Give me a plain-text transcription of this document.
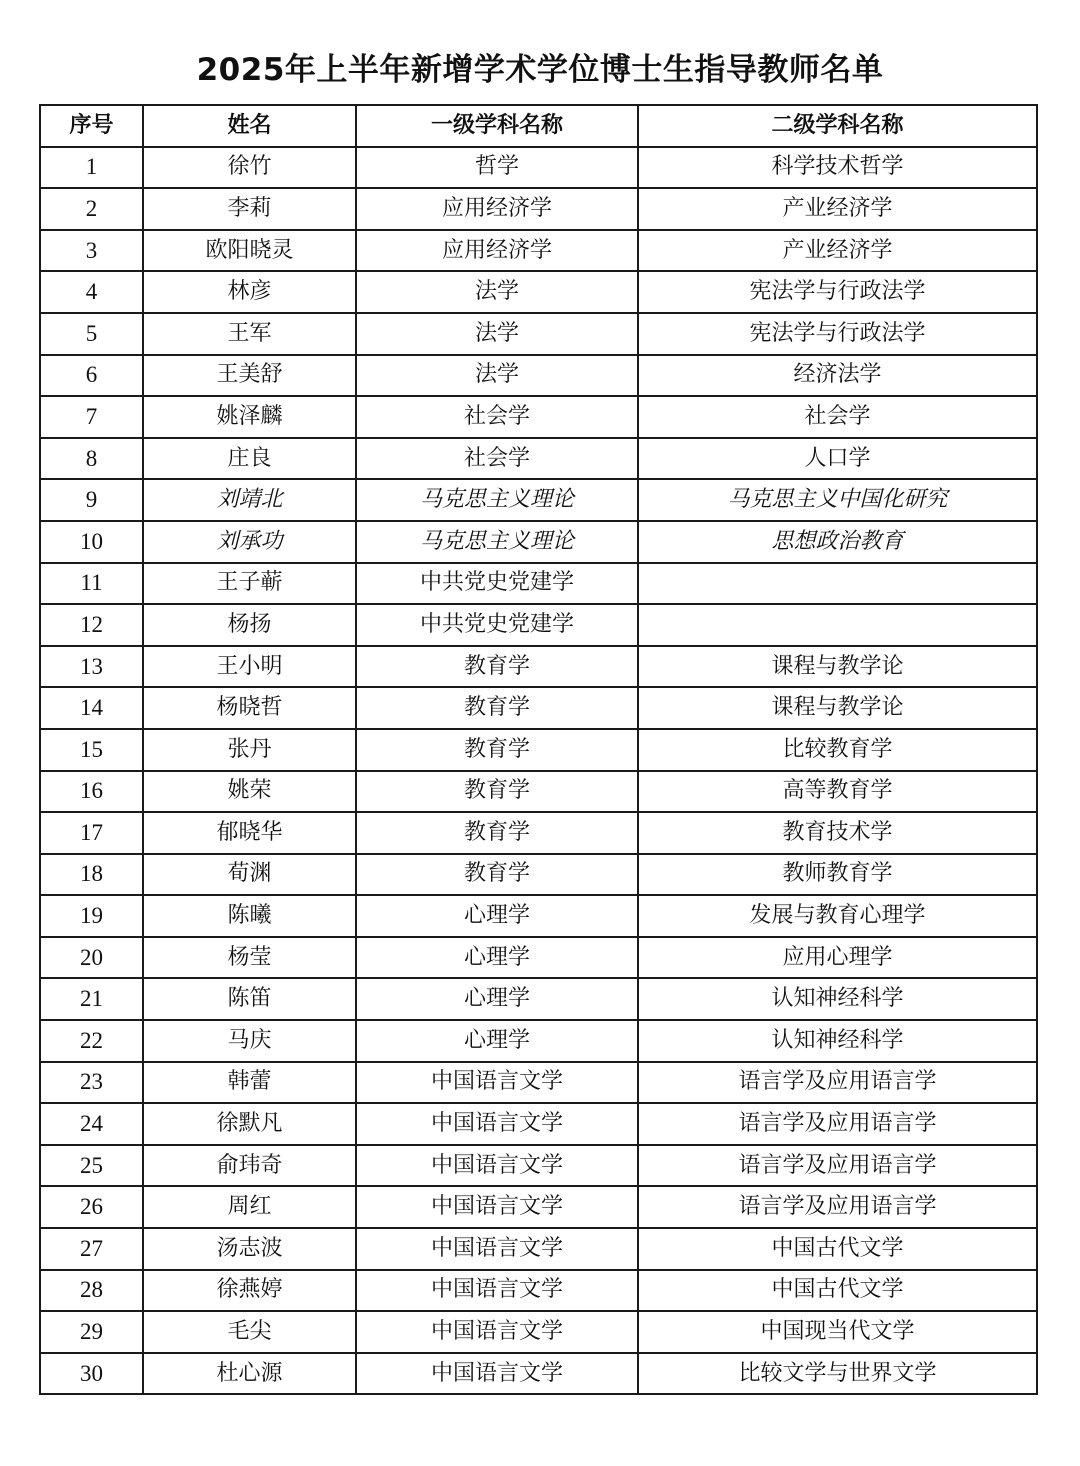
2025年上半年新增学术学位博士生指导教师名单
序号	姓名	一级学科名称	二级学科名称
1	徐竹	哲学	科学技术哲学
2	李莉	应用经济学	产业经济学
3	欧阳晓灵	应用经济学	产业经济学
4	林彦	法学	宪法学与行政法学
5	王军	法学	宪法学与行政法学
6	王美舒	法学	经济法学
7	姚泽麟	社会学	社会学
8	庄良	社会学	人口学
9	刘靖北	马克思主义理论	马克思主义中国化研究
10	刘承功	马克思主义理论	思想政治教育
11	王子蕲	中共党史党建学	
12	杨扬	中共党史党建学	
13	王小明	教育学	课程与教学论
14	杨晓哲	教育学	课程与教学论
15	张丹	教育学	比较教育学
16	姚荣	教育学	高等教育学
17	郁晓华	教育学	教育技术学
18	荀渊	教育学	教师教育学
19	陈曦	心理学	发展与教育心理学
20	杨莹	心理学	应用心理学
21	陈笛	心理学	认知神经科学
22	马庆	心理学	认知神经科学
23	韩蕾	中国语言文学	语言学及应用语言学
24	徐默凡	中国语言文学	语言学及应用语言学
25	俞玮奇	中国语言文学	语言学及应用语言学
26	周红	中国语言文学	语言学及应用语言学
27	汤志波	中国语言文学	中国古代文学
28	徐燕婷	中国语言文学	中国古代文学
29	毛尖	中国语言文学	中国现当代文学
30	杜心源	中国语言文学	比较文学与世界文学
